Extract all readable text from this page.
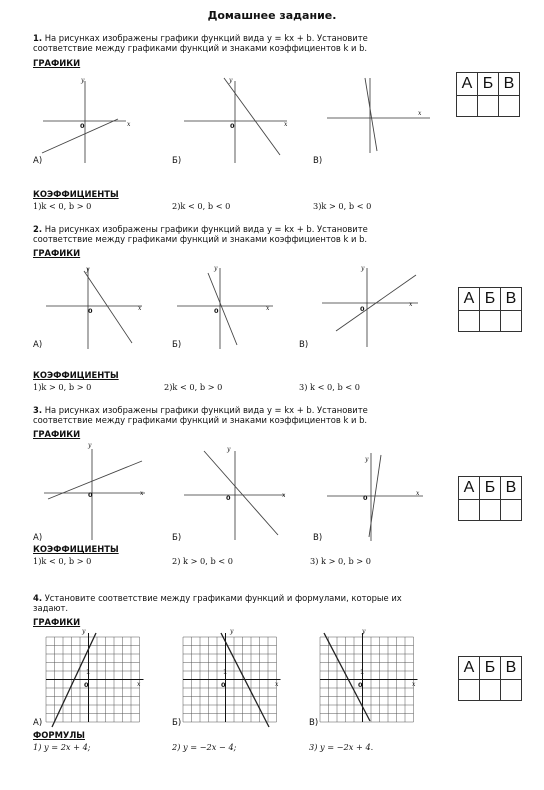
Домашнее задание.
1. На рисунках изображены графики функций вида y = kx + b. Установите
соответствие между графиками функций и знаками коэффициентов k и b.
ГРАФИКИ
y
x
0
y
x
0
x
А)	Б)	В)
А	Б	В

КОЭФФИЦИЕНТЫ
1)k < 0, b > 0	2)k < 0, b < 0	3)k > 0, b < 0
2. На рисунках изображены графики функций вида y = kx + b. Установите
соответствие между графиками функций и знаками коэффициентов k и b.
ГРАФИКИ
y
x
0
y
x
0
y
x
0
А)	Б)	В)
А	Б	В

КОЭФФИЦИЕНТЫ
1)k > 0, b > 0	2)k < 0, b > 0	3) k < 0, b < 0
3. На рисунках изображены графики функций вида y = kx + b. Установите
соответствие между графиками функций и знаками коэффициентов k и b.
ГРАФИКИ
y
x
0
y
x
0
y
x
0
А)	Б)	В)
А	Б	В

КОЭФФИЦИЕНТЫ
1)k < 0, b > 0	2) k > 0, b < 0	3) k > 0, b > 0
4. Установите соответствие между графиками функций и формулами, которые их
задают.
ГРАФИКИ
y
x
0
1
y
x
0
1
y
x
0
1
А)	Б)	В)
А	Б	В

ФОРМУЛЫ
1) y = 2x + 4;	2) y = −2x − 4;	3) y = −2x + 4.
